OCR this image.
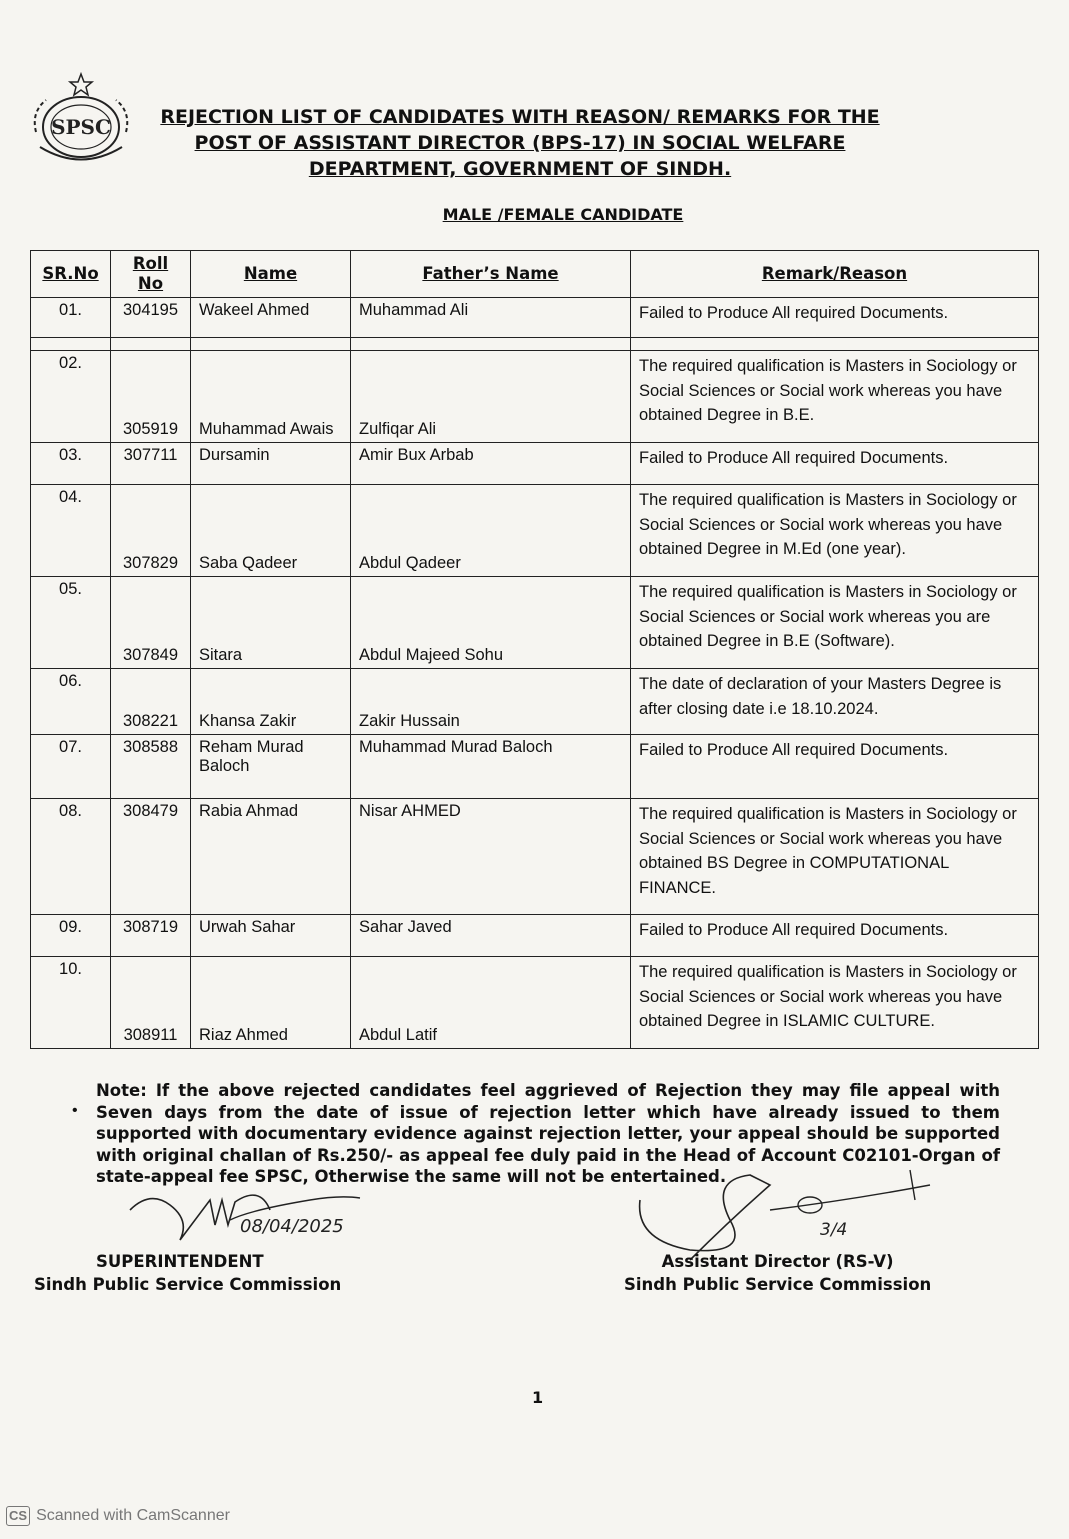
SPSC	REJECTION LIST OF CANDIDATES WITH REASON/ REMARKS FOR THE POST OF ASSISTANT DIRECTOR (BPS-17) IN SOCIAL WELFARE DEPARTMENT, GOVERNMENT OF SINDH.
MALE /FEMALE CANDIDATE
SR.No	Roll No	Name	Father’s Name	Remark/Reason
01.	304195	Wakeel Ahmed	Muhammad Ali	Failed to Produce All required Documents.

02.	305919	Muhammad Awais	Zulfiqar Ali	The required qualification is Masters in Sociology or Social Sciences or Social work whereas you have obtained Degree in B.E.
03.	307711	Dursamin	Amir Bux Arbab	Failed to Produce All required Documents.
04.	307829	Saba Qadeer	Abdul Qadeer	The required qualification is Masters in Sociology or Social Sciences or Social work whereas you have obtained Degree in M.Ed (one year).
05.	307849	Sitara	Abdul Majeed Sohu	The required qualification is Masters in Sociology or Social Sciences or Social work whereas you are obtained Degree in B.E (Software).
06.	308221	Khansa Zakir	Zakir Hussain	The date of declaration of your Masters Degree is after closing date i.e 18.10.2024.
07.	308588	Reham Murad Baloch	Muhammad Murad Baloch	Failed to Produce All required Documents.
08.	308479	Rabia Ahmad	Nisar AHMED	The required qualification is Masters in Sociology or Social Sciences or Social work whereas you have obtained BS Degree in COMPUTATIONAL FINANCE.
09.	308719	Urwah Sahar	Sahar Javed	Failed to Produce All required Documents.
10.	308911	Riaz Ahmed	Abdul Latif	The required qualification is Masters in Sociology or Social Sciences or Social work whereas you have obtained Degree in ISLAMIC CULTURE.
•
Note: If the above rejected candidates feel aggrieved of Rejection they may file appeal with Seven days from the date of issue of rejection letter which have already issued to them supported with documentary evidence against rejection letter, your appeal should be supported with original challan of Rs.250/- as appeal fee duly paid in the Head of Account C02101-Organ of state-appeal fee SPSC, Otherwise the same will not be entertained.
08/04/2025	3/4
SUPERINTENDENT
Sindh Public Service Commission
Assistant Director (RS-V)
Sindh Public Service Commission
1
CS Scanned with CamScanner
